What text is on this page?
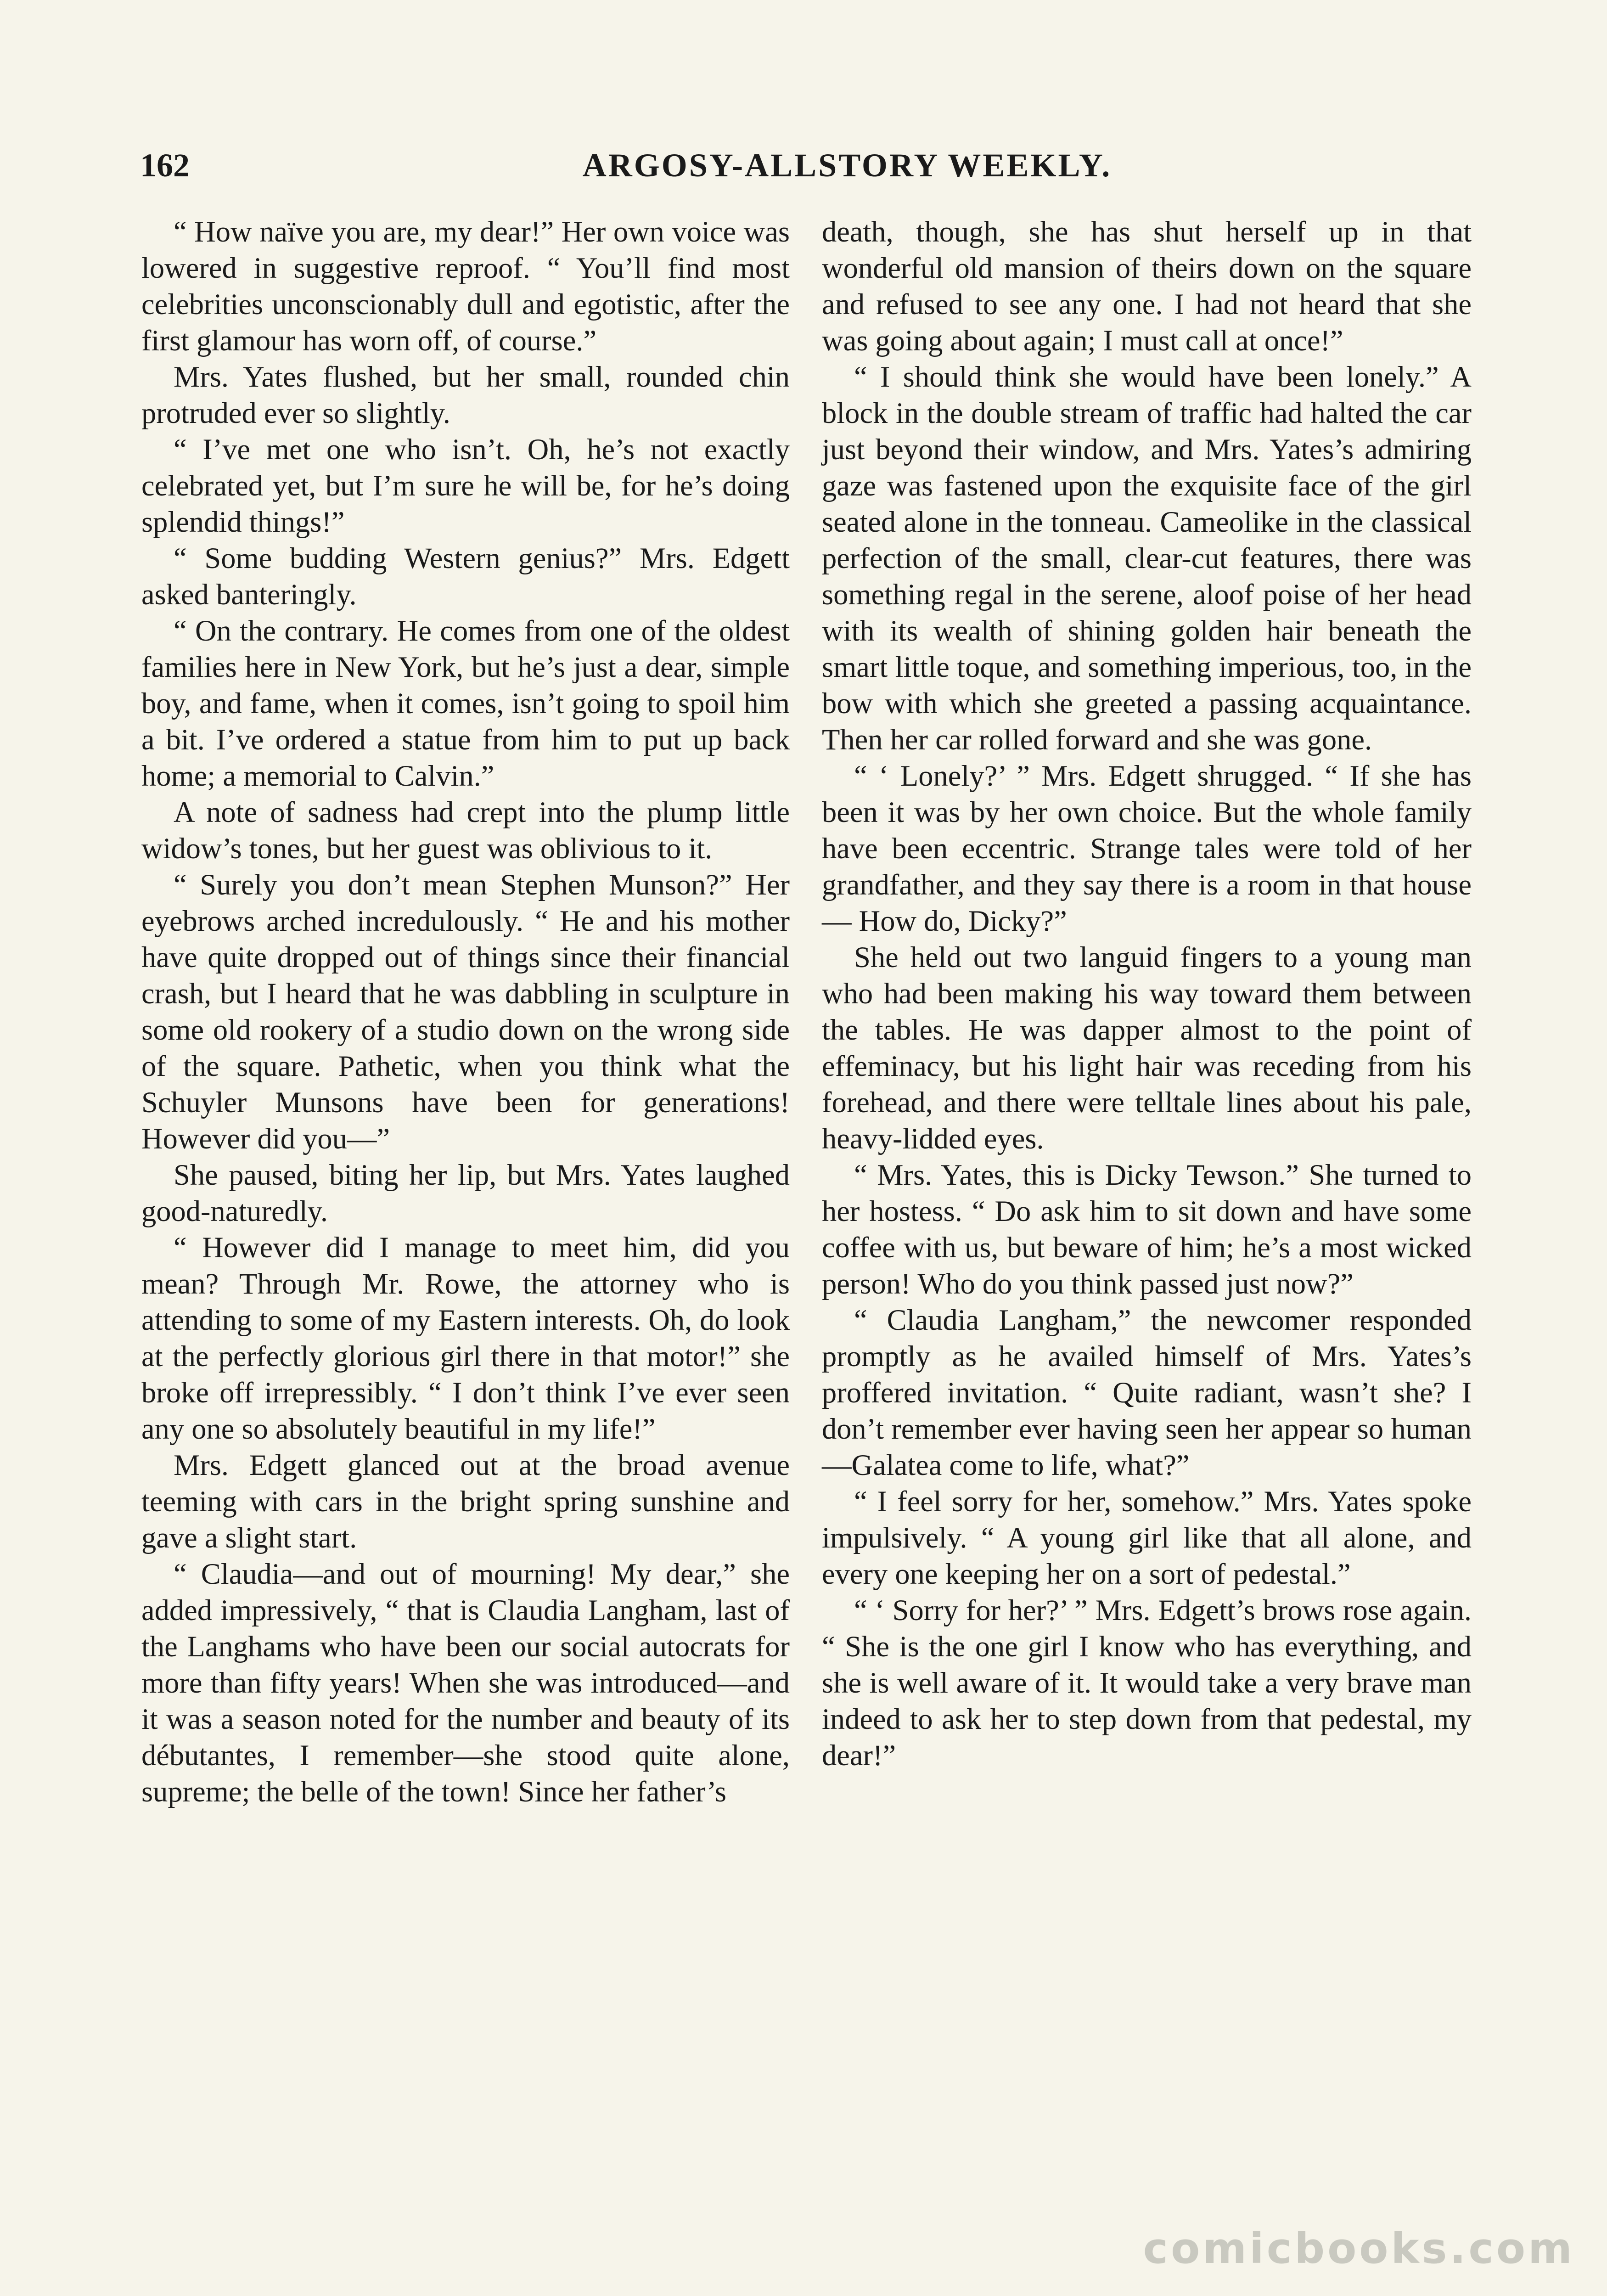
162	ARGOSY-ALLSTORY WEEKLY.

“ How naïve you are, my dear!” Her own voice was lowered in suggestive reproof. “ You’ll find most celebrities unconscionably dull and egotistic, after the first glamour has worn off, of course.”

Mrs. Yates flushed, but her small, rounded chin protruded ever so slightly.

“ I’ve met one who isn’t. Oh, he’s not exactly celebrated yet, but I’m sure he will be, for he’s doing splendid things!”

“ Some budding Western genius?” Mrs. Edgett asked banteringly.

“ On the contrary. He comes from one of the oldest families here in New York, but he’s just a dear, simple boy, and fame, when it comes, isn’t going to spoil him a bit. I’ve ordered a statue from him to put up back home; a memorial to Calvin.”

A note of sadness had crept into the plump little widow’s tones, but her guest was oblivious to it.

“ Surely you don’t mean Stephen Munson?” Her eyebrows arched incredulously. “ He and his mother have quite dropped out of things since their financial crash, but I heard that he was dabbling in sculpture in some old rookery of a studio down on the wrong side of the square. Pathetic, when you think what the Schuyler Munsons have been for generations! However did you—”

She paused, biting her lip, but Mrs. Yates laughed good-naturedly.

“ However did I manage to meet him, did you mean? Through Mr. Rowe, the attorney who is attending to some of my Eastern interests. Oh, do look at the perfectly glorious girl there in that motor!” she broke off irrepressibly. “ I don’t think I’ve ever seen any one so absolutely beautiful in my life!”

Mrs. Edgett glanced out at the broad avenue teeming with cars in the bright spring sunshine and gave a slight start.

“ Claudia—and out of mourning! My dear,” she added impressively, “ that is Claudia Langham, last of the Langhams who have been our social autocrats for more than fifty years! When she was introduced—and it was a season noted for the number and beauty of its débutantes, I remember—she stood quite alone, supreme; the belle of the town! Since her father’s

death, though, she has shut herself up in that wonderful old mansion of theirs down on the square and refused to see any one. I had not heard that she was going about again; I must call at once!”

“ I should think she would have been lonely.” A block in the double stream of traffic had halted the car just beyond their window, and Mrs. Yates’s admiring gaze was fastened upon the exquisite face of the girl seated alone in the tonneau. Cameolike in the classical perfection of the small, clear-cut features, there was something regal in the serene, aloof poise of her head with its wealth of shining golden hair beneath the smart little toque, and something imperious, too, in the bow with which she greeted a passing acquaintance. Then her car rolled forward and she was gone.

“ ‘ Lonely?’ ” Mrs. Edgett shrugged. “ If she has been it was by her own choice. But the whole family have been eccentric. Strange tales were told of her grandfather, and they say there is a room in that house— How do, Dicky?”

She held out two languid fingers to a young man who had been making his way toward them between the tables. He was dapper almost to the point of effeminacy, but his light hair was receding from his forehead, and there were telltale lines about his pale, heavy-lidded eyes.

“ Mrs. Yates, this is Dicky Tewson.” She turned to her hostess. “ Do ask him to sit down and have some coffee with us, but beware of him; he’s a most wicked person! Who do you think passed just now?”

“ Claudia Langham,” the newcomer responded promptly as he availed himself of Mrs. Yates’s proffered invitation. “ Quite radiant, wasn’t she? I don’t remember ever having seen her appear so human—Galatea come to life, what?”

“ I feel sorry for her, somehow.” Mrs. Yates spoke impulsively. “ A young girl like that all alone, and every one keeping her on a sort of pedestal.”

“ ‘ Sorry for her?’ ” Mrs. Edgett’s brows rose again. “ She is the one girl I know who has everything, and she is well aware of it. It would take a very brave man indeed to ask her to step down from that pedestal, my dear!”

comicbooks.com
